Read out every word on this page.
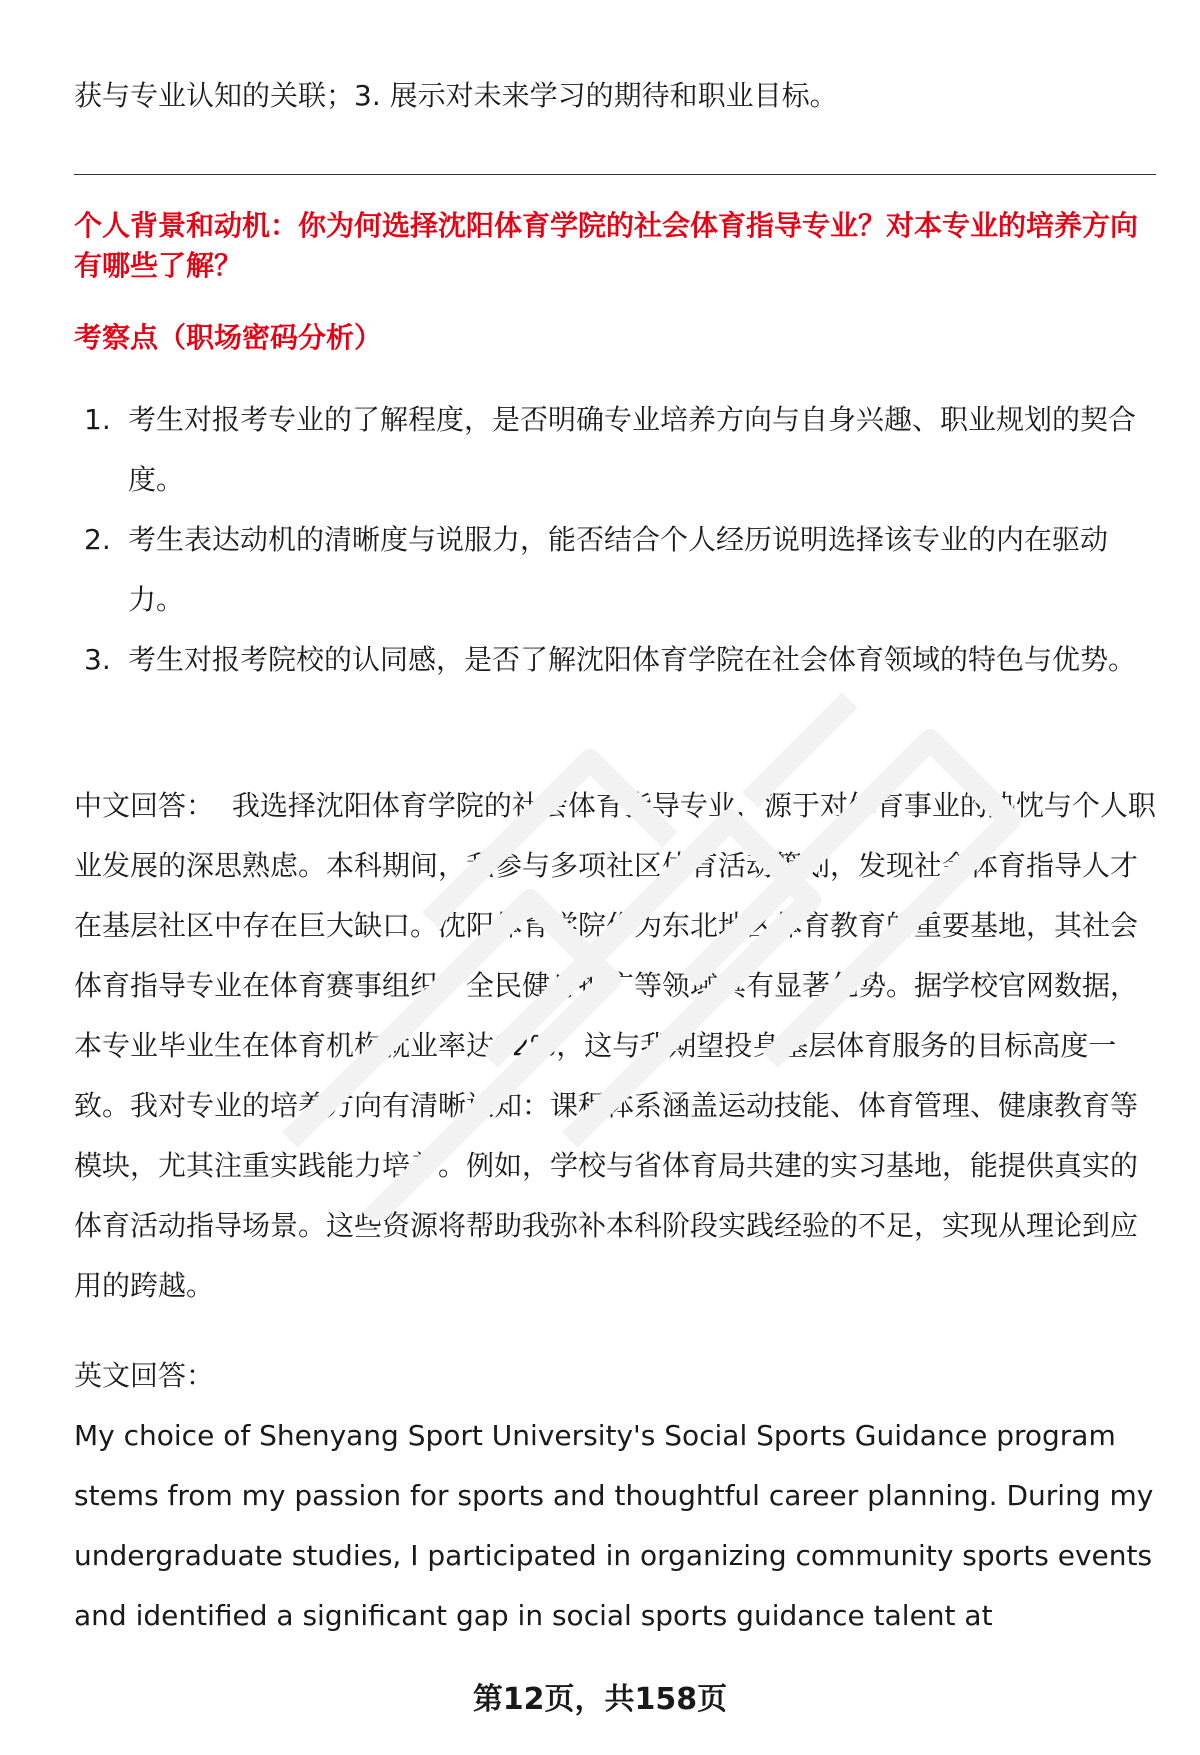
获与专业认知的关联；3. 展示对未来学习的期待和职业目标。

个人背景和动机：你为何选择沈阳体育学院的社会体育指导专业？对本专业的培养方向有哪些了解？

考察点（职场密码分析）

1. 考生对报考专业的了解程度，是否明确专业培养方向与自身兴趣、职业规划的契合度。
2. 考生表达动机的清晰度与说服力，能否结合个人经历说明选择该专业的内在驱动力。
3. 考生对报考院校的认同感，是否了解沈阳体育学院在社会体育领域的特色与优势。

中文回答： 我选择沈阳体育学院的社会体育指导专业，源于对体育事业的热忱与个人职业发展的深思熟虑。本科期间，我参与多项社区体育活动策划，发现社会体育指导人才在基层社区中存在巨大缺口。沈阳体育学院作为东北地区体育教育的重要基地，其社会体育指导专业在体育赛事组织、全民健身推广等领域具有显著优势。据学校官网数据，本专业毕业生在体育机构就业率达92%，这与我期望投身基层体育服务的目标高度一致。我对专业的培养方向有清晰认知：课程体系涵盖运动技能、体育管理、健康教育等模块，尤其注重实践能力培养。例如，学校与省体育局共建的实习基地，能提供真实的体育活动指导场景。这些资源将帮助我弥补本科阶段实践经验的不足，实现从理论到应用的跨越。

英文回答：

My choice of Shenyang Sport University's Social Sports Guidance program stems from my passion for sports and thoughtful career planning. During my undergraduate studies, I participated in organizing community sports events and identified a significant gap in social sports guidance talent at

第12页，共158页
